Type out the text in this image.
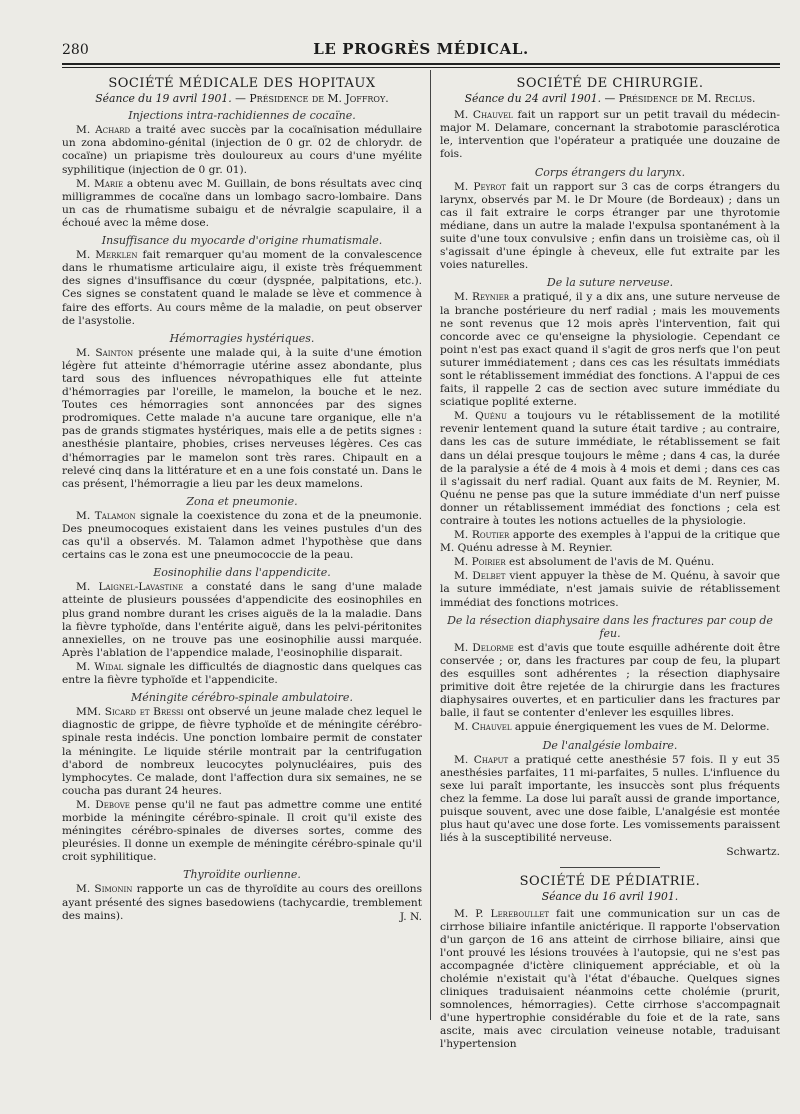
280	LE PROGRÈS MÉDICAL.
SOCIÉTÉ MÉDICALE DES HOPITAUX
Séance du 19 avril 1901. — Présidence de M. Joffroy.
Injections intra-rachidiennes de cocaïne.

M. Achard a traité avec succès par la cocaïnisation médullaire un zona abdomino-génital (injection de 0 gr. 02 de chlorydr. de cocaïne) un priapisme très douloureux au cours d'une myélite syphilitique (injection de 0 gr. 01).

M. Marie a obtenu avec M. Guillain, de bons résultats avec cinq milligrammes de cocaïne dans un lombago sacro-lombaire. Dans un cas de rhumatisme subaigu et de névralgie scapulaire, il a échoué avec la même dose.

Insuffisance du myocarde d'origine rhumatismale.

M. Merklen fait remarquer qu'au moment de la convalescence dans le rhumatisme articulaire aigu, il existe très fréquemment des signes d'insuffisance du cœur (dyspnée, palpitations, etc.). Ces signes se constatent quand le malade se lève et commence à faire des efforts. Au cours même de la maladie, on peut observer de l'asystolie.

Hémorragies hystériques.

M. Sainton présente une malade qui, à la suite d'une émotion légère fut atteinte d'hémorragie utérine assez abondante, plus tard sous des influences névropathiques elle fut atteinte d'hémorragies par l'oreille, le mamelon, la bouche et le nez. Toutes ces hémorragies sont annoncées par des signes prodromiques. Cette malade n'a aucune tare organique, elle n'a pas de grands stigmates hystériques, mais elle a de petits signes : anesthésie plantaire, phobies, crises nerveuses légères. Ces cas d'hémorragies par le mamelon sont très rares. Chipault en a relevé cinq dans la littérature et en a une fois constaté un. Dans le cas présent, l'hémorragie a lieu par les deux mamelons.

Zona et pneumonie.

M. Talamon signale la coexistence du zona et de la pneumonie. Des pneumocoques existaient dans les veines pustules d'un des cas qu'il a observés. M. Talamon admet l'hypothèse que dans certains cas le zona est une pneumococcie de la peau.

Eosinophilie dans l'appendicite.

M. Laignel-Lavastine a constaté dans le sang d'une malade atteinte de plusieurs poussées d'appendicite des eosinophiles en plus grand nombre durant les crises aiguës de la la maladie. Dans la fièvre typhoïde, dans l'entérite aiguë, dans les pelvi-péritonites annexielles, on ne trouve pas une eosinophilie aussi marquée. Après l'ablation de l'appendice malade, l'eosinophilie disparait.

M. Widal signale les difficultés de diagnostic dans quelques cas entre la fièvre typhoïde et l'appendicite.

Méningite cérébro-spinale ambulatoire.

MM. Sicard et Bressi ont observé un jeune malade chez lequel le diagnostic de grippe, de fièvre typhoïde et de méningite cérébro-spinale resta indécis. Une ponction lombaire permit de constater la méningite. Le liquide stérile montrait par la centrifugation d'abord de nombreux leucocytes polynucléaires, puis des lymphocytes. Ce malade, dont l'affection dura six semaines, ne se coucha pas durant 24 heures.

M. Debove pense qu'il ne faut pas admettre comme une entité morbide la méningite cérébro-spinale. Il croit qu'il existe des méningites cérébro-spinales de diverses sortes, comme des pleurésies. Il donne un exemple de méningite cérébro-spinale qu'il croit syphilitique.

Thyroïdite ourlienne.

M. Simonin rapporte un cas de thyroïdite au cours des oreillons ayant présenté des signes basedowiens (tachycardie, tremblement des mains).	J. N.
SOCIÉTÉ DE CHIRURGIE.
Séance du 24 avril 1901. — Présidence de M. Reclus.

M. Chauvel fait un rapport sur un petit travail du médecin-major M. Delamare, concernant la strabotomie parasclérotica​le, intervention que l'opérateur a pratiquée une douzaine de fois.

Corps étrangers du larynx.

M. Peyrot fait un rapport sur 3 cas de corps étrangers du larynx, observés par M. le Dr Moure (de Bordeaux) ; dans un cas il fait extraire le corps étranger par une thyrotomie médiane, dans un autre la malade l'expulsa spontanément à la suite d'une toux convulsive ; enfin dans un troisième cas, où il s'agissait d'une épingle à cheveux, elle fut extraite par les voies naturelles.

De la suture nerveuse.

M. Reynier a pratiqué, il y a dix ans, une suture nerveuse de la branche postérieure du nerf radial ; mais les mouvements ne sont revenus que 12 mois après l'intervention, fait qui concorde avec ce qu'enseigne la physiologie. Cependant ce point n'est pas exact quand il s'agit de gros nerfs que l'on peut suturer immédiatement ; dans ces cas les résultats immédiats sont le rétablissement immédiat des fonctions. A l'appui de ces faits, il rappelle 2 cas de section avec suture immédiate du sciatique poplité externe.

M. Quénu a toujours vu le rétablissement de la motilité revenir lentement quand la suture était tardive ; au contraire, dans les cas de suture immédiate, le rétablissement se fait dans un délai presque toujours le même ; dans 4 cas, la durée de la paralysie a été de 4 mois à 4 mois et demi ; dans ces cas il s'agissait du nerf radial. Quant aux faits de M. Reynier, M. Quénu ne pense pas que la suture immédiate d'un nerf puisse donner un rétablissement immédiat des fonctions ; cela est contraire à toutes les notions actuelles de la physiologie.

M. Routier apporte des exemples à l'appui de la critique que M. Quénu adresse à M. Reynier.

M. Poirier est absolument de l'avis de M. Quénu.

M. Delbet vient appuyer la thèse de M. Quénu, à savoir que la suture immédiate, n'est jamais suivie de rétablissement immédiat des fonctions motrices.

De la résection diaphysaire dans les fractures par coup de feu.

M. Delorme est d'avis que toute esquille adhérente doit être conservée ; or, dans les fractures par coup de feu, la plupart des esquilles sont adhérentes ; la résection diaphysaire primitive doit être rejetée de la chirurgie dans les fractures diaphysaires ouvertes, et en particulier dans les fractures par balle, il faut se contenter d'enlever les esquilles libres.

M. Chauvel appuie énergiquement les vues de M. Delorme.

De l'analgésie lombaire.

M. Chaput a pratiqué cette anesthésie 57 fois. Il y eut 35 anesthésies parfaites, 11 mi-parfaites, 5 nulles. L'influence du sexe lui paraît importante, les insuccès sont plus fréquents chez la femme. La dose lui paraît aussi de grande importance, puisque souvent, avec une dose faible, L'analgésie est montée plus haut qu'avec une dose forte. Les vomissements paraissent liés à la susceptibilité nerveuse.

Schwartz.
SOCIÉTÉ DE PÉDIATRIE.
Séance du 16 avril 1901.

M. P. Lereboullet fait une communication sur un cas de cirrhose biliaire infantile anictérique. Il rapporte l'observation d'un garçon de 16 ans atteint de cirrhose biliaire, ainsi que l'ont prouvé les lésions trouvées à l'autopsie, qui ne s'est pas accompagnée d'ictère cliniquement appréciable, et où la cholémie n'existait qu'à l'état d'ébauche. Quelques signes cliniques traduisaient néanmoins cette cholémie (prurit, somnolences, hémorragies). Cette cirrhose s'accompagnait d'une hypertrophie considérable du foie et de la rate, sans ascite, mais avec circulation veineuse notable, traduisant l'hypertension
